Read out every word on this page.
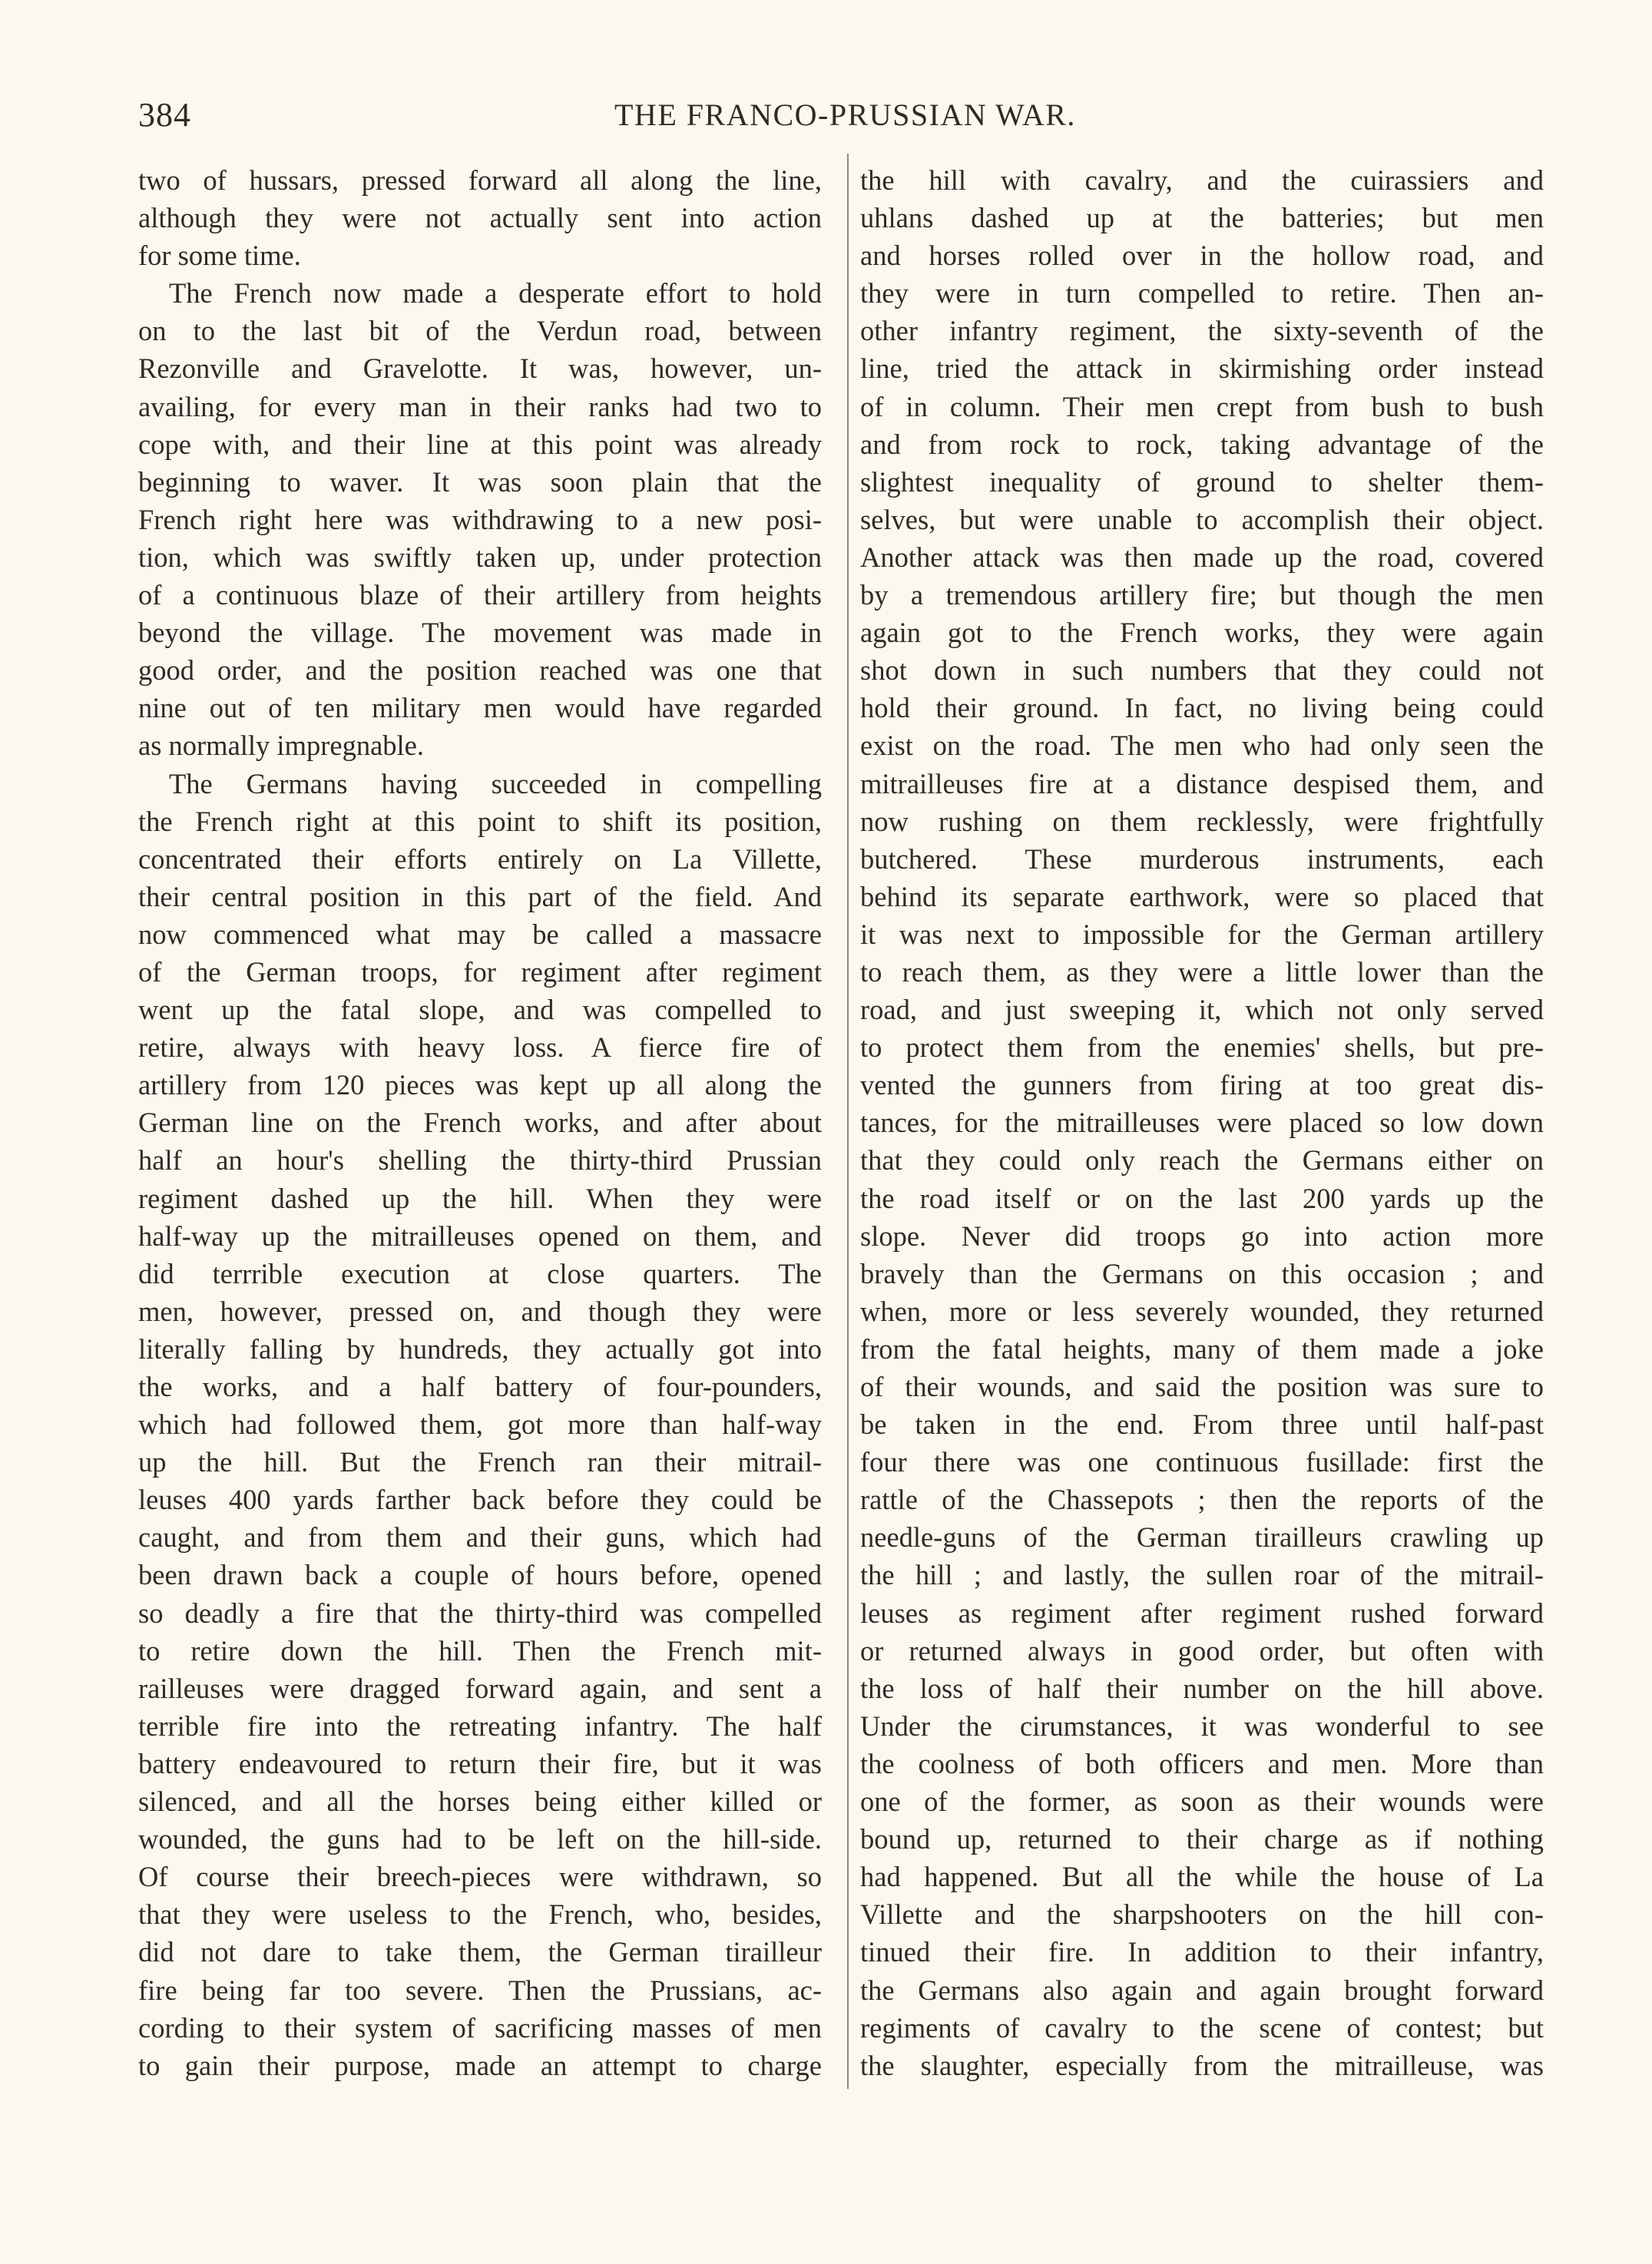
384	THE FRANCO-PRUSSIAN WAR.
two of hussars, pressed forward all along the line,
although they were not actually sent into action
for some time.
The French now made a desperate effort to hold
on to the last bit of the Verdun road, between
Rezonville and Gravelotte. It was, however, un-
availing, for every man in their ranks had two to
cope with, and their line at this point was already
beginning to waver. It was soon plain that the
French right here was withdrawing to a new posi-
tion, which was swiftly taken up, under protection
of a continuous blaze of their artillery from heights
beyond the village. The movement was made in
good order, and the position reached was one that
nine out of ten military men would have regarded
as normally impregnable.
The Germans having succeeded in compelling
the French right at this point to shift its position,
concentrated their efforts entirely on La Villette,
their central position in this part of the field. And
now commenced what may be called a massacre
of the German troops, for regiment after regiment
went up the fatal slope, and was compelled to
retire, always with heavy loss. A fierce fire of
artillery from 120 pieces was kept up all along the
German line on the French works, and after about
half an hour's shelling the thirty-third Prussian
regiment dashed up the hill. When they were
half-way up the mitrailleuses opened on them, and
did terrrible execution at close quarters. The
men, however, pressed on, and though they were
literally falling by hundreds, they actually got into
the works, and a half battery of four-pounders,
which had followed them, got more than half-way
up the hill. But the French ran their mitrail-
leuses 400 yards farther back before they could be
caught, and from them and their guns, which had
been drawn back a couple of hours before, opened
so deadly a fire that the thirty-third was compelled
to retire down the hill. Then the French mit-
railleuses were dragged forward again, and sent a
terrible fire into the retreating infantry. The half
battery endeavoured to return their fire, but it was
silenced, and all the horses being either killed or
wounded, the guns had to be left on the hill-side.
Of course their breech-pieces were withdrawn, so
that they were useless to the French, who, besides,
did not dare to take them, the German tirailleur
fire being far too severe. Then the Prussians, ac-
cording to their system of sacrificing masses of men
to gain their purpose, made an attempt to charge
the hill with cavalry, and the cuirassiers and
uhlans dashed up at the batteries; but men
and horses rolled over in the hollow road, and
they were in turn compelled to retire. Then an-
other infantry regiment, the sixty-seventh of the
line, tried the attack in skirmishing order instead
of in column. Their men crept from bush to bush
and from rock to rock, taking advantage of the
slightest inequality of ground to shelter them-
selves, but were unable to accomplish their object.
Another attack was then made up the road, covered
by a tremendous artillery fire; but though the men
again got to the French works, they were again
shot down in such numbers that they could not
hold their ground. In fact, no living being could
exist on the road. The men who had only seen the
mitrailleuses fire at a distance despised them, and
now rushing on them recklessly, were frightfully
butchered. These murderous instruments, each
behind its separate earthwork, were so placed that
it was next to impossible for the German artillery
to reach them, as they were a little lower than the
road, and just sweeping it, which not only served
to protect them from the enemies' shells, but pre-
vented the gunners from firing at too great dis-
tances, for the mitrailleuses were placed so low down
that they could only reach the Germans either on
the road itself or on the last 200 yards up the
slope. Never did troops go into action more
bravely than the Germans on this occasion ; and
when, more or less severely wounded, they returned
from the fatal heights, many of them made a joke
of their wounds, and said the position was sure to
be taken in the end. From three until half-past
four there was one continuous fusillade: first the
rattle of the Chassepots ; then the reports of the
needle-guns of the German tirailleurs crawling up
the hill ; and lastly, the sullen roar of the mitrail-
leuses as regiment after regiment rushed forward
or returned always in good order, but often with
the loss of half their number on the hill above.
Under the cirumstances, it was wonderful to see
the coolness of both officers and men. More than
one of the former, as soon as their wounds were
bound up, returned to their charge as if nothing
had happened. But all the while the house of La
Villette and the sharpshooters on the hill con-
tinued their fire. In addition to their infantry,
the Germans also again and again brought forward
regiments of cavalry to the scene of contest; but
the slaughter, especially from the mitrailleuse, was
